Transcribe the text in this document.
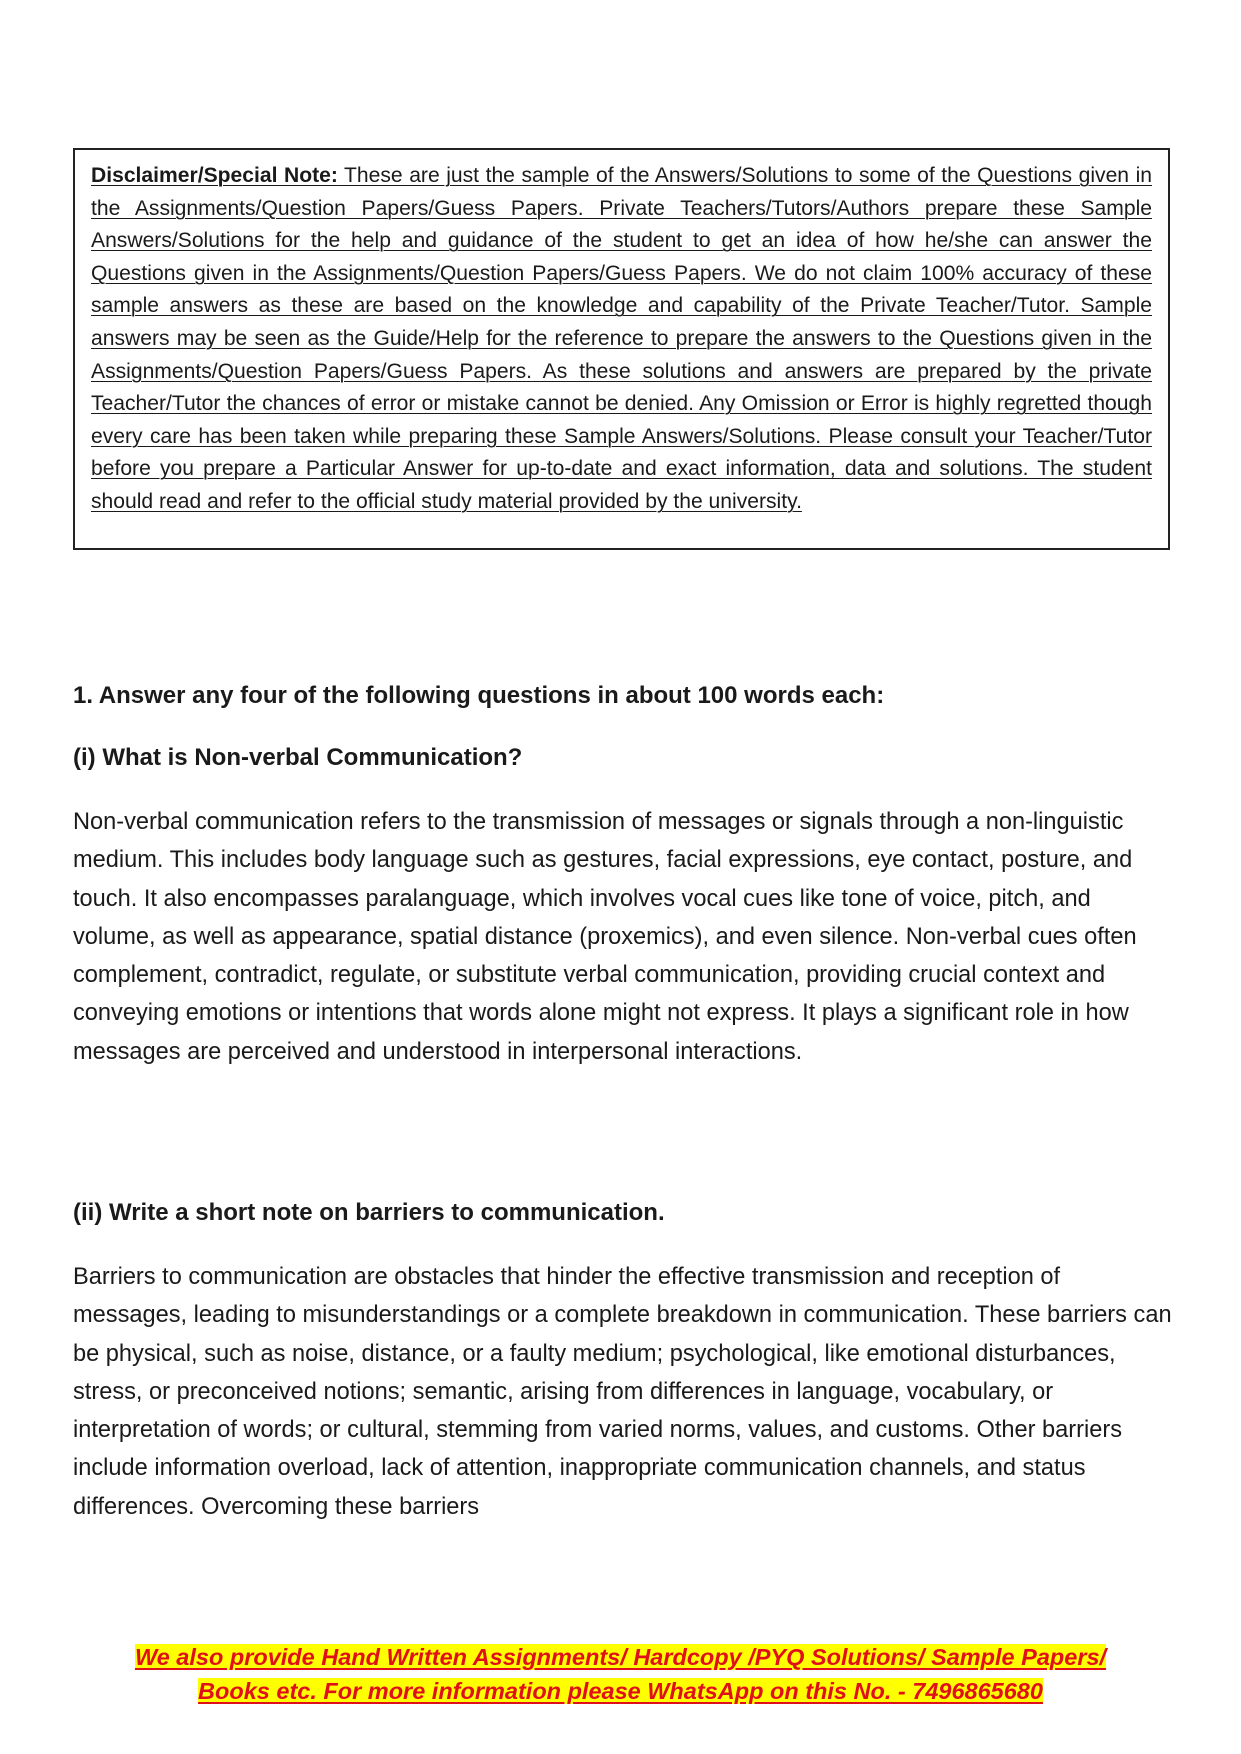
Disclaimer/Special Note: These are just the sample of the Answers/Solutions to some of the Questions given in the Assignments/Question Papers/Guess Papers. Private Teachers/Tutors/Authors prepare these Sample Answers/Solutions for the help and guidance of the student to get an idea of how he/she can answer the Questions given in the Assignments/Question Papers/Guess Papers. We do not claim 100% accuracy of these sample answers as these are based on the knowledge and capability of the Private Teacher/Tutor. Sample answers may be seen as the Guide/Help for the reference to prepare the answers to the Questions given in the Assignments/Question Papers/Guess Papers. As these solutions and answers are prepared by the private Teacher/Tutor the chances of error or mistake cannot be denied. Any Omission or Error is highly regretted though every care has been taken while preparing these Sample Answers/Solutions. Please consult your Teacher/Tutor before you prepare a Particular Answer for up-to-date and exact information, data and solutions. The student should read and refer to the official study material provided by the university.

1. Answer any four of the following questions in about 100 words each:
(i) What is Non-verbal Communication?

Non-verbal communication refers to the transmission of messages or signals through a non-linguistic medium. This includes body language such as gestures, facial expressions, eye contact, posture, and touch. It also encompasses paralanguage, which involves vocal cues like tone of voice, pitch, and volume, as well as appearance, spatial distance (proxemics), and even silence. Non-verbal cues often complement, contradict, regulate, or substitute verbal communication, providing crucial context and conveying emotions or intentions that words alone might not express. It plays a significant role in how messages are perceived and understood in interpersonal interactions.

(ii) Write a short note on barriers to communication.

Barriers to communication are obstacles that hinder the effective transmission and reception of messages, leading to misunderstandings or a complete breakdown in communication. These barriers can be physical, such as noise, distance, or a faulty medium; psychological, like emotional disturbances, stress, or preconceived notions; semantic, arising from differences in language, vocabulary, or interpretation of words; or cultural, stemming from varied norms, values, and customs. Other barriers include information overload, lack of attention, inappropriate communication channels, and status differences. Overcoming these barriers

We also provide Hand Written Assignments/ Hardcopy /PYQ Solutions/ Sample Papers/
Books etc. For more information please WhatsApp on this No. - 7496865680
